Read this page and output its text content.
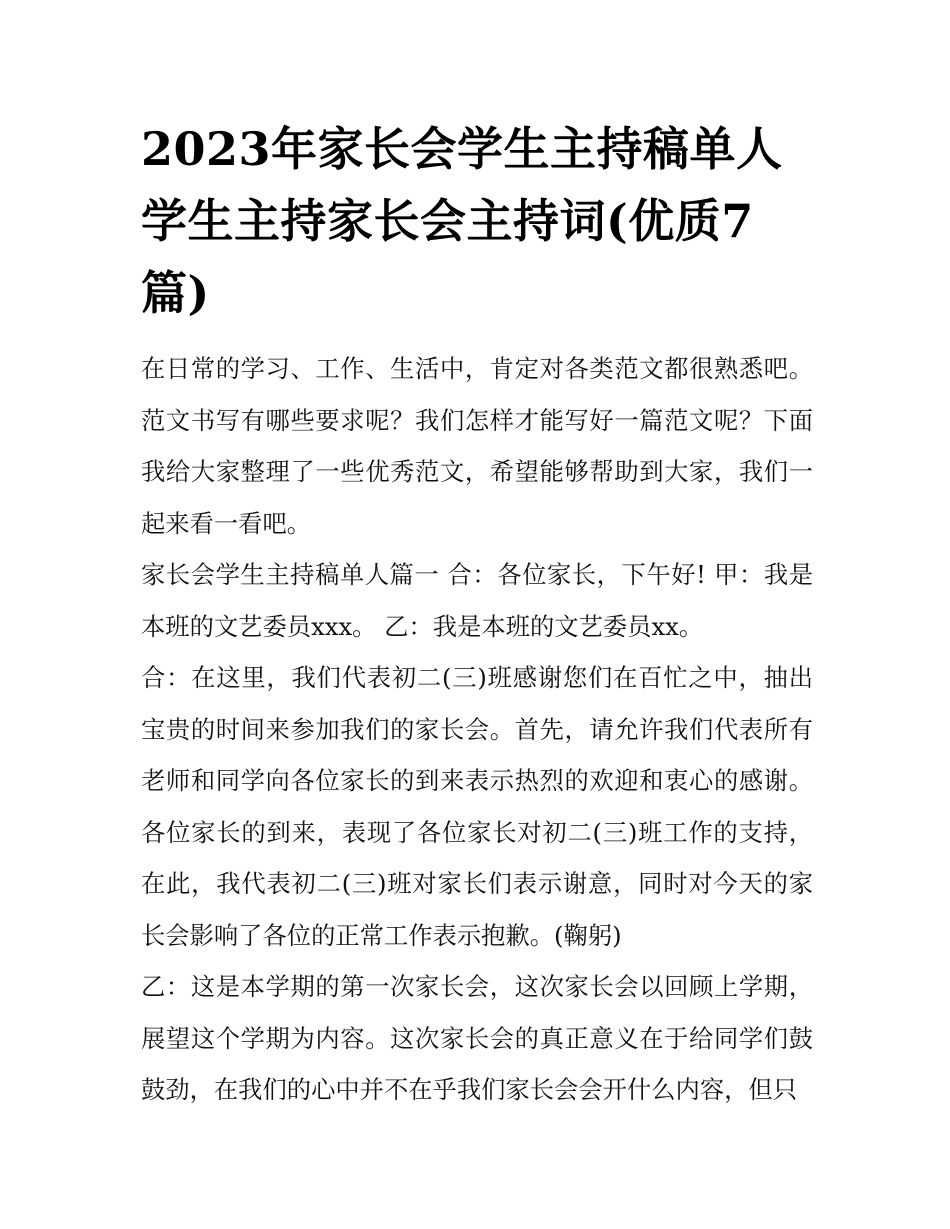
2023年家长会学生主持稿单人学生主持家长会主持词(优质7篇)

在日常的学习、工作、生活中，肯定对各类范文都很熟悉吧。范文书写有哪些要求呢？我们怎样才能写好一篇范文呢？下面我给大家整理了一些优秀范文，希望能够帮助到大家，我们一起来看一看吧。

家长会学生主持稿单人篇一 合：各位家长，下午好! 甲：我是本班的文艺委员xxx。 乙：我是本班的文艺委员xx。

合：在这里，我们代表初二(三)班感谢您们在百忙之中，抽出宝贵的时间来参加我们的家长会。首先，请允许我们代表所有老师和同学向各位家长的到来表示热烈的欢迎和衷心的感谢。各位家长的到来，表现了各位家长对初二(三)班工作的支持，在此，我代表初二(三)班对家长们表示谢意，同时对今天的家长会影响了各位的正常工作表示抱歉。(鞠躬)

乙：这是本学期的第一次家长会，这次家长会以回顾上学期，展望这个学期为内容。这次家长会的真正意义在于给同学们鼓鼓劲，在我们的心中并不在乎我们家长会会开什么内容，但只
